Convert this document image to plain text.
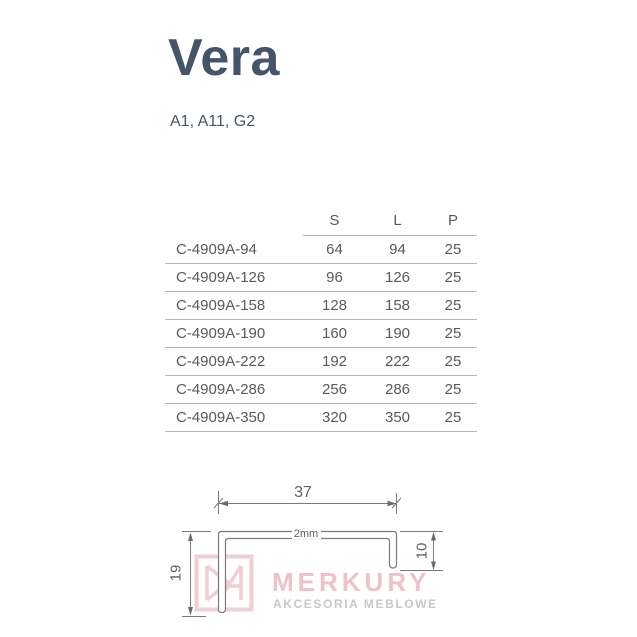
Vera
A1, A11, G2
	S	L	P
C-4909A-94	64	94	25
C-4909A-126	96	126	25
C-4909A-158	128	158	25
C-4909A-190	160	190	25
C-4909A-222	192	222	25
C-4909A-286	256	286	25
C-4909A-350	320	350	25
MERKURY
AKCESORIA MEBLOWE
37
19
10
2mm
